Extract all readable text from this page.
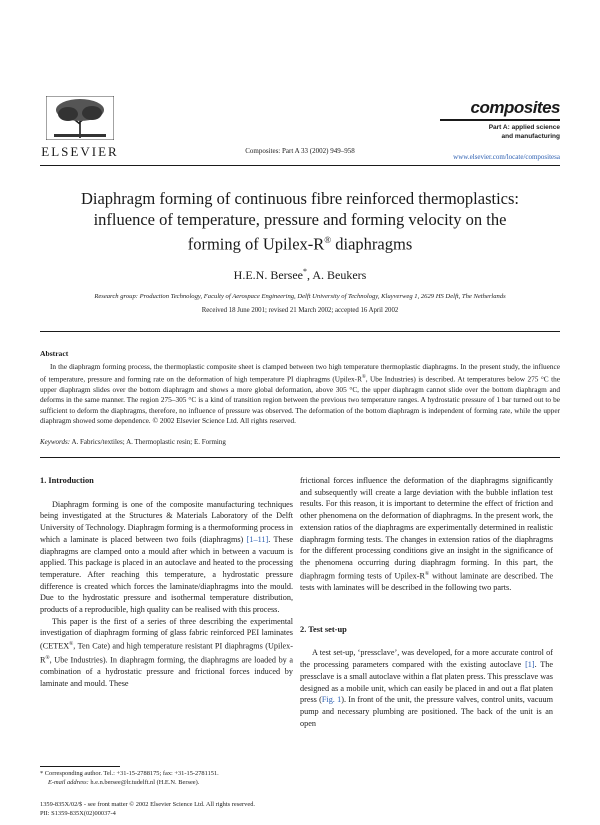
ELSEVIER	Composites: Part A 33 (2002) 949–958
composites
Part A: applied science
and manufacturing
www.elsevier.com/locate/compositesa
Diaphragm forming of continuous fibre reinforced thermoplastics:
influence of temperature, pressure and forming velocity on the
forming of Upilex-R® diaphragms
H.E.N. Bersee*, A. Beukers
Research group: Production Technology, Faculty of Aerospace Engineering, Delft University of Technology, Kluyverweg 1, 2629 HS Delft, The Netherlands
Received 18 June 2001; revised 21 March 2002; accepted 16 April 2002
Abstract

In the diaphragm forming process, the thermoplastic composite sheet is clamped between two high temperature thermoplastic diaphragms. In the present study, the influence of temperature, pressure and forming rate on the deformation of high temperature PI diaphragms (Upilex-R®, Ube Industries) is described. At temperatures below 275 °C the upper diaphragm slides over the bottom diaphragm and shows a more global deformation, above 305 °C, the upper diaphragm cannot slide over the bottom diaphragm and deforms in the same manner. The region 275–305 °C is a kind of transition region between the previous two temperature ranges. A hydrostatic pressure of 1 bar turned out to be sufficient to deform the diaphragms, therefore, no influence of pressure was observed. The deformation of the bottom diaphragm is independent of forming rate, while the upper diaphragm showed some dependence. © 2002 Elsevier Science Ltd. All rights reserved.

Keywords: A. Fabrics/textiles; A. Thermoplastic resin; E. Forming
1. Introduction

Diaphragm forming is one of the composite manufacturing techniques being investigated at the Structures & Materials Laboratory of the Delft University of Technology. Diaphragm forming is a thermoforming process in which a laminate is placed between two foils (diaphragms) [1–11]. These diaphragms are clamped onto a mould after which in between a vacuum is applied. This package is placed in an autoclave and heated to the processing temperature. After reaching this temperature, a hydrostatic pressure difference is created which forces the laminate/diaphragms into the mould. Due to the hydrostatic pressure and isothermal temperature distribution, products of a reproducible, high quality can be realised with this process.

This paper is the first of a series of three describing the experimental investigation of diaphragm forming of glass fabric reinforced PEI laminates (CETEX®, Ten Cate) and high temperature resistant PI diaphragms (Upilex-R®, Ube Industries). In diaphragm forming, the diaphragms are loaded by a combination of a hydrostatic pressure and frictional forces induced by laminate and mould. These

frictional forces influence the deformation of the diaphragms significantly and subsequently will create a large deviation with the bubble inflation test results. For this reason, it is important to determine the effect of friction and other phenomena on the deformation of diaphragms. In the present work, the extension ratios of the diaphragms are experimentally determined in realistic diaphragm forming tests. The changes in extension ratios of the diaphragms for the different processing conditions give an insight in the significance of the phenomena occurring during diaphragm forming. In this part, the diaphragm forming tests of Upilex-R® without laminate are described. The tests with laminates will be described in the following two parts.

2. Test set-up

A test set-up, ‘pressclave’, was developed, for a more accurate control of the processing parameters compared with the existing autoclave [1]. The pressclave is a small autoclave within a flat platen press. This pressclave was designed as a mobile unit, which can easily be placed in and out a flat platen press (Fig. 1). In front of the unit, the pressure valves, control units, vacuum pump and necessary plumbing are positioned. The back of the unit is an open

* Corresponding author. Tel.: +31-15-2788175; fax: +31-15-2781151.
E-mail address: h.e.n.bersee@lr.tudelft.nl (H.E.N. Bersee).
1359-835X/02/$ - see front matter © 2002 Elsevier Science Ltd. All rights reserved.
PII: S1359-835X(02)00037-4
